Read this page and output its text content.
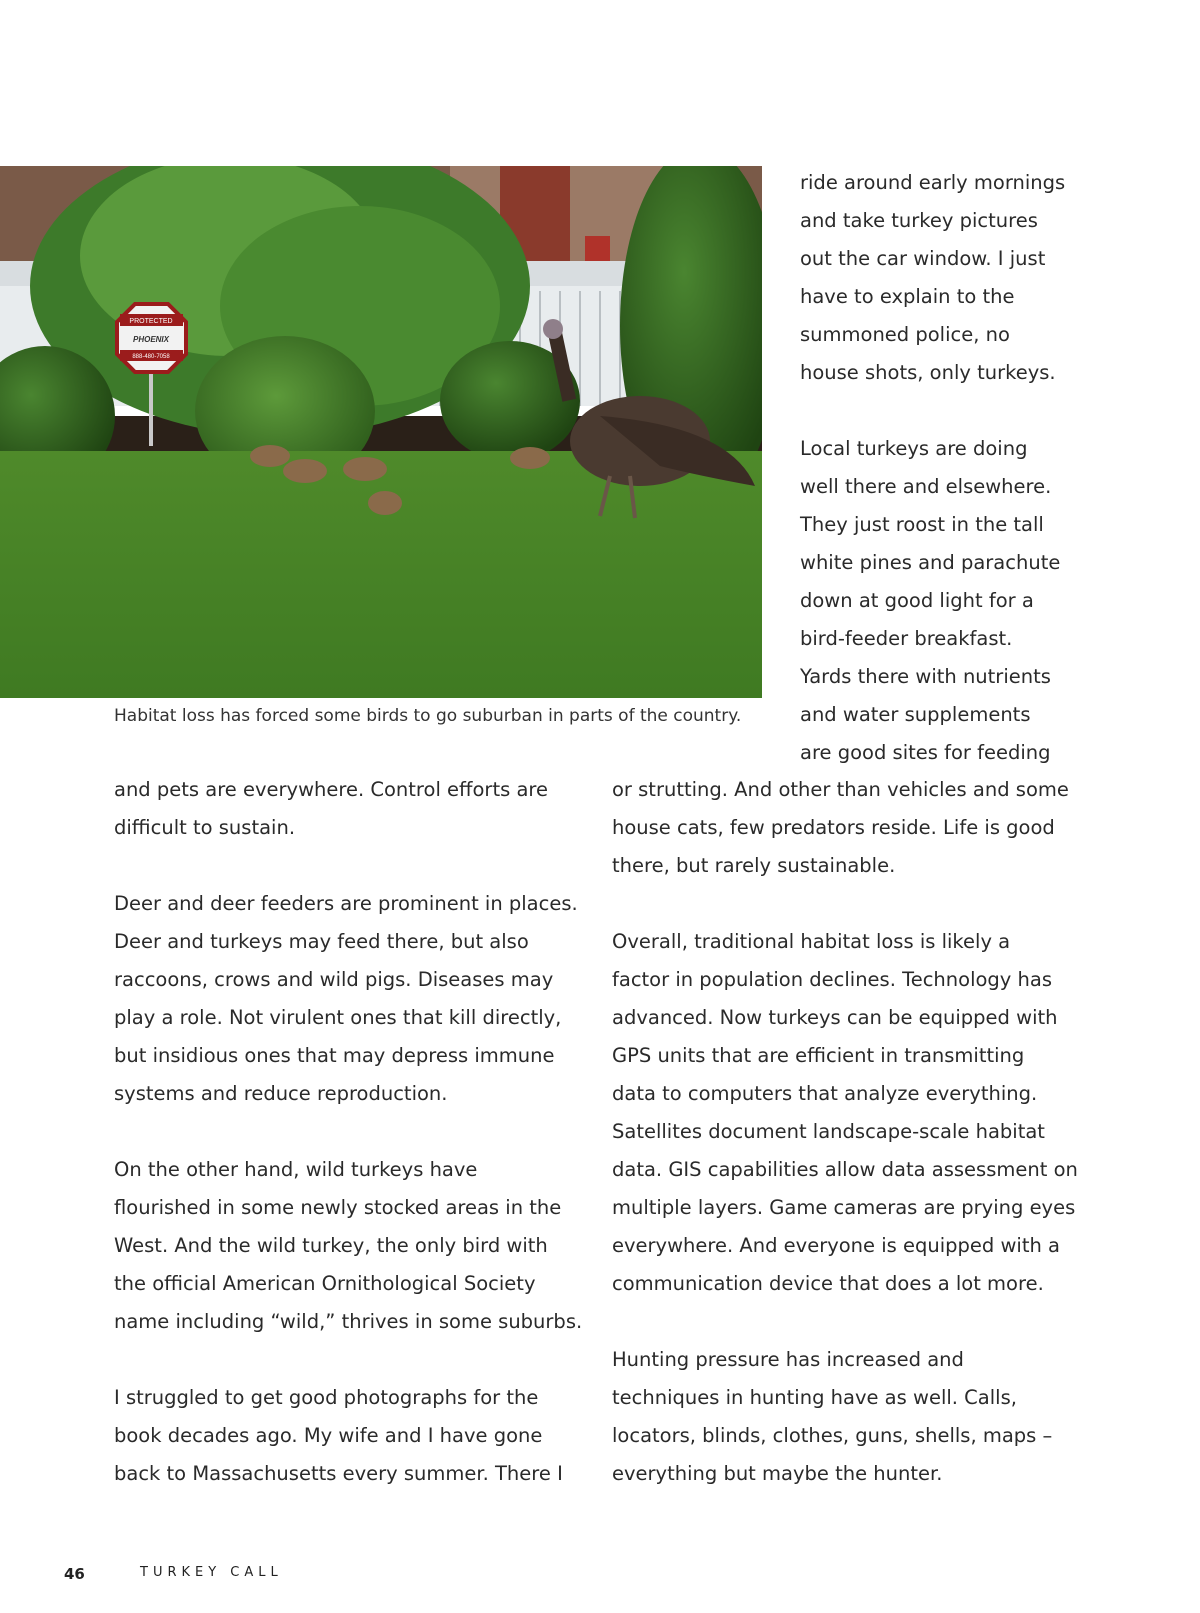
PROTECTED
PHOENIX
888-480-7058
Habitat loss has forced some birds to go suburban in parts of the country.
ride around early mornings
and take turkey pictures
out the car window. I just
have to explain to the
summoned police, no
house shots, only turkeys.
Local turkeys are doing
well there and elsewhere.
They just roost in the tall
white pines and parachute
down at good light for a
bird-feeder breakfast.
Yards there with nutrients
and water supplements
are good sites for feeding
and pets are everywhere. Control efforts are
difficult to sustain.
Deer and deer feeders are prominent in places.
Deer and turkeys may feed there, but also
raccoons, crows and wild pigs. Diseases may
play a role. Not virulent ones that kill directly,
but insidious ones that may depress immune
systems and reduce reproduction.
On the other hand, wild turkeys have
flourished in some newly stocked areas in the
West. And the wild turkey, the only bird with
the official American Ornithological Society
name including “wild,” thrives in some suburbs.
I struggled to get good photographs for the
book decades ago. My wife and I have gone
back to Massachusetts every summer. There I
or strutting. And other than vehicles and some
house cats, few predators reside. Life is good
there, but rarely sustainable.
Overall, traditional habitat loss is likely a
factor in population declines. Technology has
advanced. Now turkeys can be equipped with
GPS units that are efficient in transmitting
data to computers that analyze everything.
Satellites document landscape-scale habitat
data. GIS capabilities allow data assessment on
multiple layers. Game cameras are prying eyes
everywhere. And everyone is equipped with a
communication device that does a lot more.
Hunting pressure has increased and
techniques in hunting have as well. Calls,
locators, blinds, clothes, guns, shells, maps –
everything but maybe the hunter.
46	TURKEY CALL
